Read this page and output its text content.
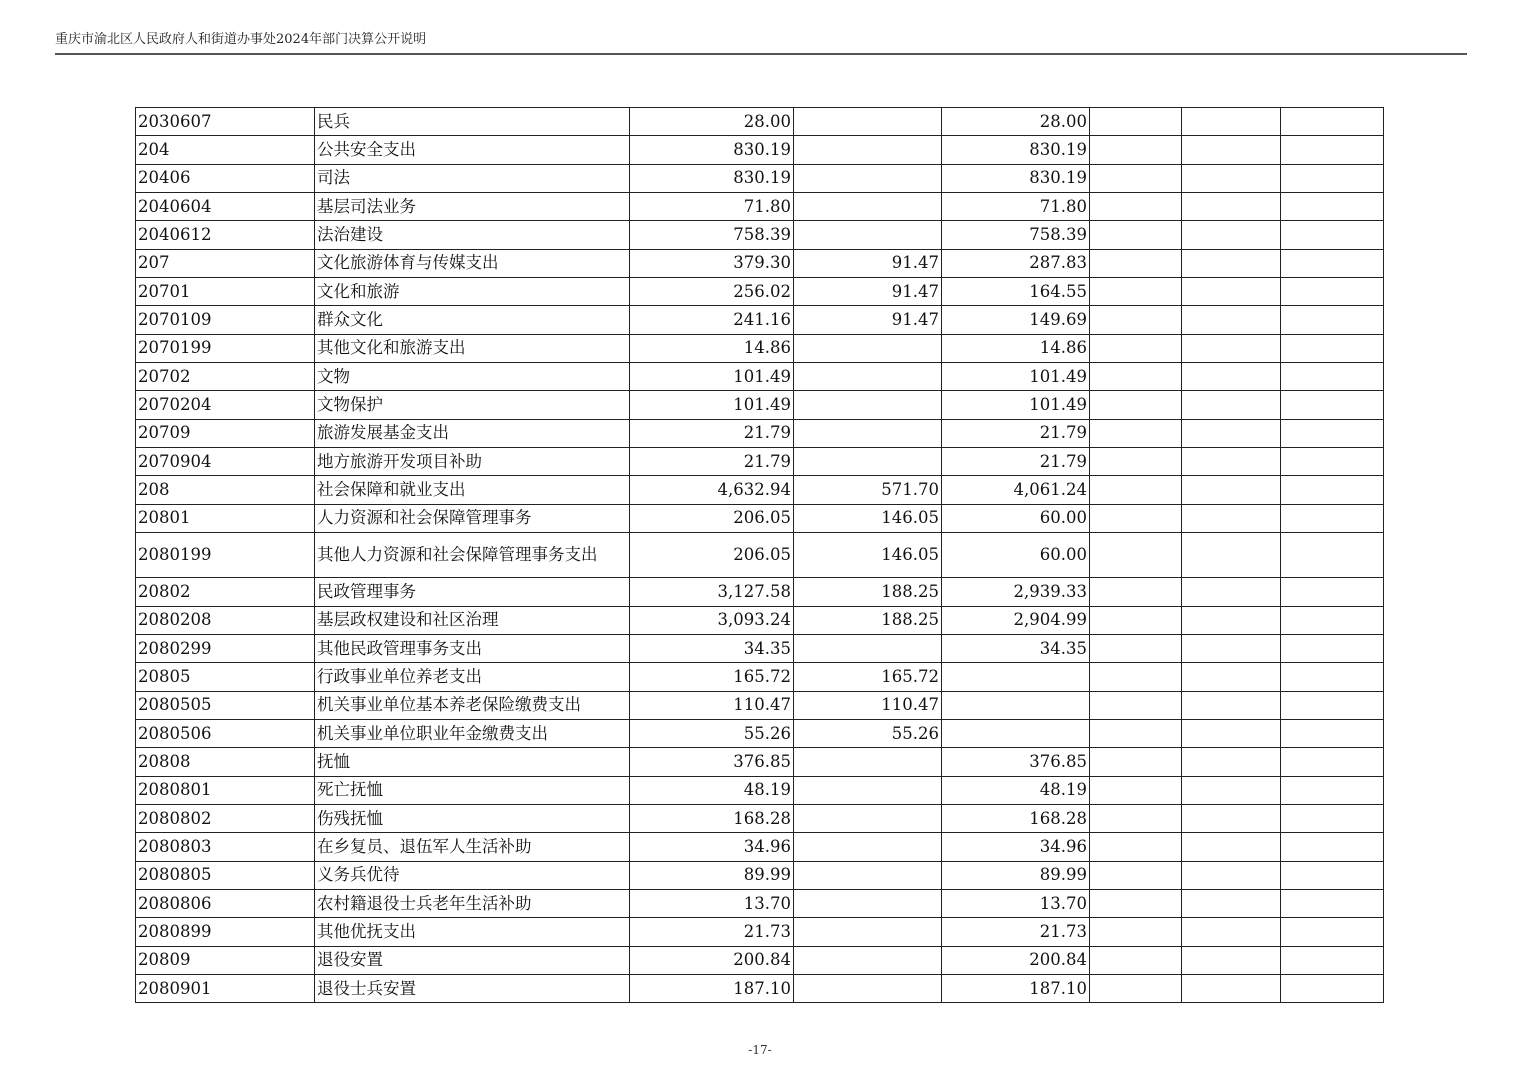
重庆市渝北区人民政府人和街道办事处2024年部门决算公开说明
2030607	民兵	28.00		28.00			
204	公共安全支出	830.19		830.19			
20406	司法	830.19		830.19			
2040604	基层司法业务	71.80		71.80			
2040612	法治建设	758.39		758.39			
207	文化旅游体育与传媒支出	379.30	91.47	287.83			
20701	文化和旅游	256.02	91.47	164.55			
2070109	群众文化	241.16	91.47	149.69			
2070199	其他文化和旅游支出	14.86		14.86			
20702	文物	101.49		101.49			
2070204	文物保护	101.49		101.49			
20709	旅游发展基金支出	21.79		21.79			
2070904	地方旅游开发项目补助	21.79		21.79			
208	社会保障和就业支出	4,632.94	571.70	4,061.24			
20801	人力资源和社会保障管理事务	206.05	146.05	60.00			
2080199	其他人力资源和社会保障管理事务支出	206.05	146.05	60.00			
20802	民政管理事务	3,127.58	188.25	2,939.33			
2080208	基层政权建设和社区治理	3,093.24	188.25	2,904.99			
2080299	其他民政管理事务支出	34.35		34.35			
20805	行政事业单位养老支出	165.72	165.72				
2080505	机关事业单位基本养老保险缴费支出	110.47	110.47				
2080506	机关事业单位职业年金缴费支出	55.26	55.26				
20808	抚恤	376.85		376.85			
2080801	死亡抚恤	48.19		48.19			
2080802	伤残抚恤	168.28		168.28			
2080803	在乡复员、退伍军人生活补助	34.96		34.96			
2080805	义务兵优待	89.99		89.99			
2080806	农村籍退役士兵老年生活补助	13.70		13.70			
2080899	其他优抚支出	21.73		21.73			
20809	退役安置	200.84		200.84			
2080901	退役士兵安置	187.10		187.10			
-17-
